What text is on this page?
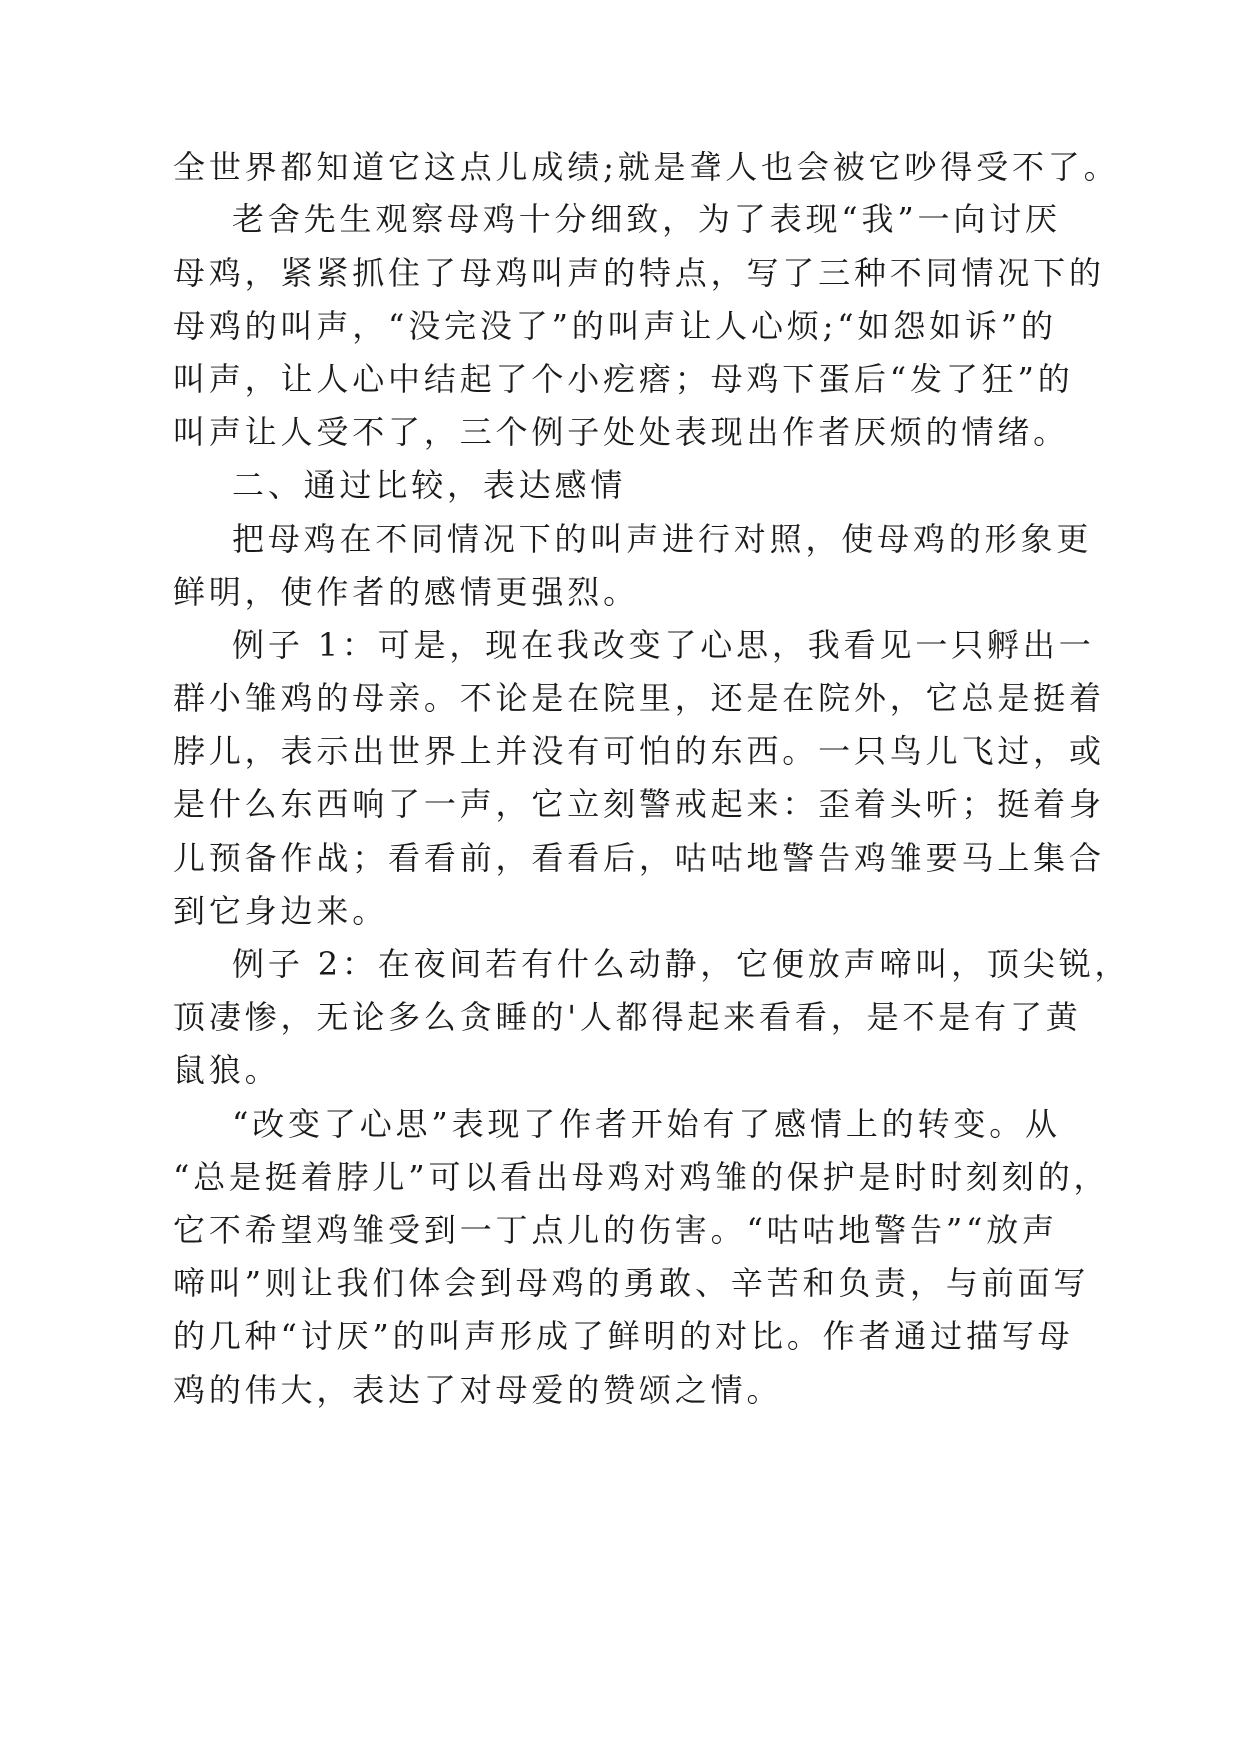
全世界都知道它这点儿成绩;就是聋人也会被它吵得受不了。
老舍先生观察母鸡十分细致，为了表现“我”一向讨厌
母鸡，紧紧抓住了母鸡叫声的特点，写了三种不同情况下的
母鸡的叫声，“没完没了”的叫声让人心烦;“如怨如诉”的
叫声，让人心中结起了个小疙瘩；母鸡下蛋后“发了狂”的
叫声让人受不了，三个例子处处表现出作者厌烦的情绪。
二、通过比较，表达感情
把母鸡在不同情况下的叫声进行对照，使母鸡的形象更
鲜明，使作者的感情更强烈。
例子 1：可是，现在我改变了心思，我看见一只孵出一
群小雏鸡的母亲。不论是在院里，还是在院外，它总是挺着
脖儿，表示出世界上并没有可怕的东西。一只鸟儿飞过，或
是什么东西响了一声，它立刻警戒起来：歪着头听；挺着身
儿预备作战；看看前，看看后，咕咕地警告鸡雏要马上集合
到它身边来。
例子 2：在夜间若有什么动静，它便放声啼叫，顶尖锐，
顶凄惨，无论多么贪睡的'人都得起来看看，是不是有了黄
鼠狼。
“改变了心思”表现了作者开始有了感情上的转变。从
“总是挺着脖儿”可以看出母鸡对鸡雏的保护是时时刻刻的，
它不希望鸡雏受到一丁点儿的伤害。“咕咕地警告”“放声
啼叫”则让我们体会到母鸡的勇敢、辛苦和负责，与前面写
的几种“讨厌”的叫声形成了鲜明的对比。作者通过描写母
鸡的伟大，表达了对母爱的赞颂之情。
